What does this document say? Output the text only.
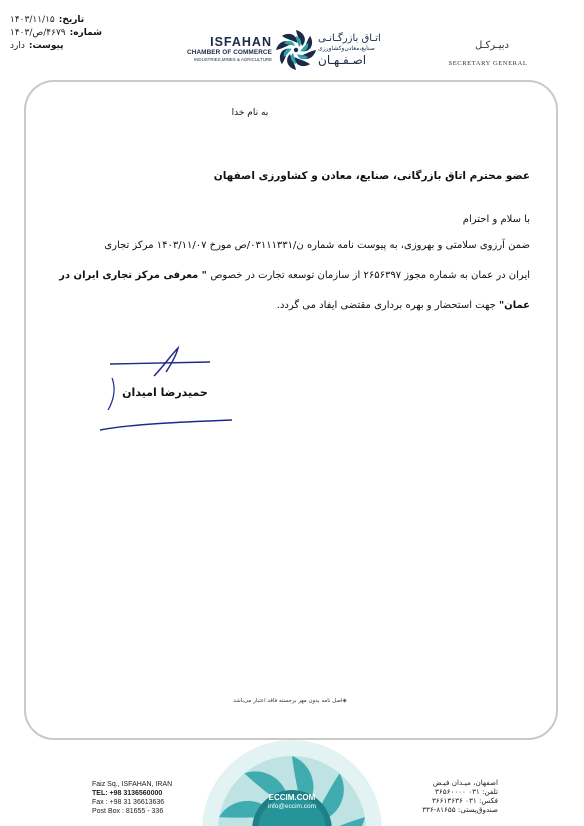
تاریخ:
۱۴۰۳/۱۱/۱۵
شماره:
۴۶۷۹/ص/۱۴۰۳
پیوست:
دارد	ISFAHAN
CHAMBER OF COMMERCE
INDUSTRIES,MINES & AGRICULTURE
اتـاق بازرگـانـی
صنایع،معادن‌وکشاورزی
اصـفـهـان
دبیـرکـل
SECRETARY GENERAL
به نام خدا
عضو محترم اتاق بازرگانی، صنایع، معادن و کشاورزی اصفهان
با سلام و احترام
ضمن آرزوی سلامتی و بهروزی، به پیوست نامه شماره ن/۰۳۱۱۱۳۳۱/ص مورخ ۱۴۰۳/۱۱/۰۷ مرکز تجاری
ایران در عمان به شماره مجوز ۲۶۵۶۳۹۷ از سازمان توسعه تجارت در خصوص " معرفی مرکز تجاری ایران در
عمان" جهت استحضار و بهره برداری مقتضی ایفاد می گردد.
حمیدرضا امیدان
◈اصل نامه بدون مهر برجسته فاقد اعتبار می‌باشد
ECCIM.COM
info@eccim.com
Faiz Sq., ISFAHAN, IRAN
TEL: +98 3136560000
Fax : +98 31 36613636
Post Box : 81655 - 336
اصفهان، میـدان فیـض
تلفن: ۰۳۱ ۳۶۵۶۰۰۰۰
فکس: ۰۳۱ ۳۶۶۱۳۶۳۶
صندوق‌پستی: ۸۱۶۵۵-۳۳۶
